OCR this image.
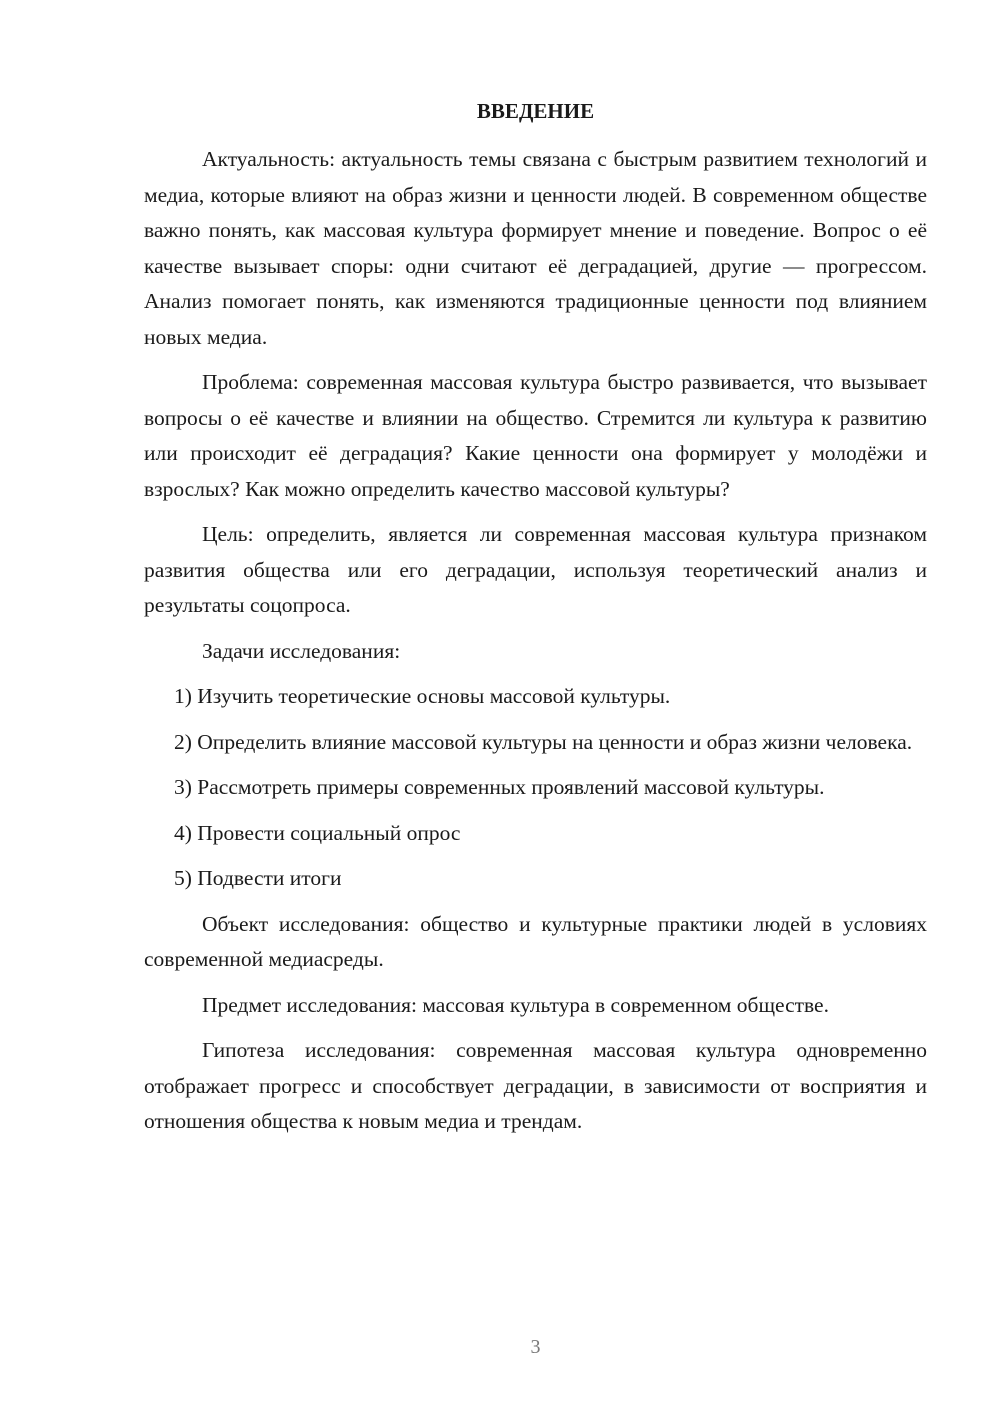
ВВЕДЕНИЕ

Актуальность: актуальность темы связана с быстрым развитием технологий и медиа, которые влияют на образ жизни и ценности людей. В современном обществе важно понять, как массовая культура формирует мнение и поведение. Вопрос о её качестве вызывает споры: одни считают её деградацией, другие — прогрессом. Анализ помогает понять, как изменяются традиционные ценности под влиянием новых медиа.

Проблема: современная массовая культура быстро развивается, что вызывает вопросы о её качестве и влиянии на общество. Стремится ли культура к развитию или происходит её деградация? Какие ценности она формирует у молодёжи и взрослых? Как можно определить качество массовой культуры?

Цель: определить, является ли современная массовая культура признаком развития общества или его деградации, используя теоретический анализ и результаты соцопроса.

Задачи исследования:

1) Изучить теоретические основы массовой культуры.

2) Определить влияние массовой культуры на ценности и образ жизни человека.

3) Рассмотреть примеры современных проявлений массовой культуры.

4) Провести социальный опрос

5) Подвести итоги

Объект исследования: общество и культурные практики людей в условиях современной медиасреды.

Предмет исследования: массовая культура в современном обществе.

Гипотеза исследования: современная массовая культура одновременно отображает прогресс и способствует деградации, в зависимости от восприятия и отношения общества к новым медиа и трендам.

3
